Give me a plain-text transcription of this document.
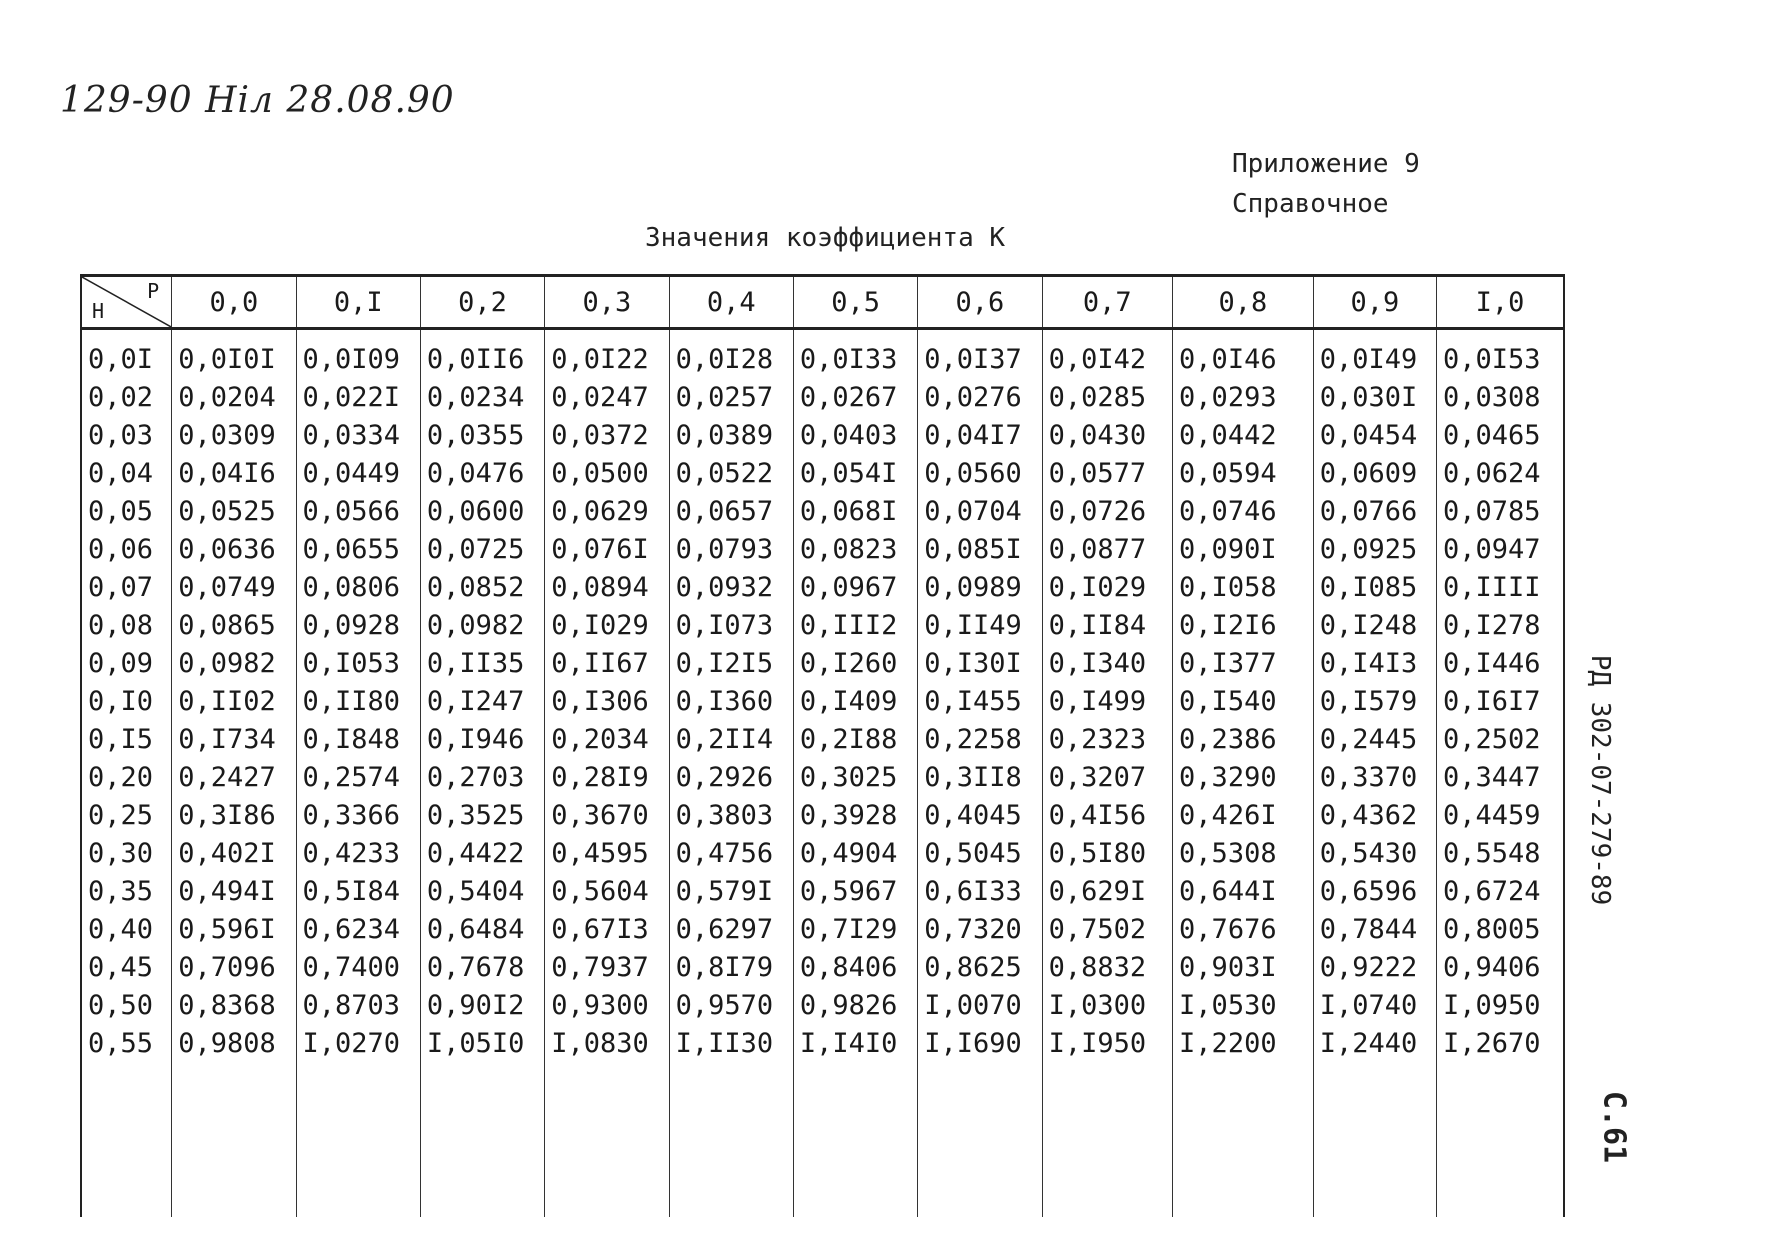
129-90 Ніл 28.08.90
Приложение 9
Справочное
Значения коэффициента К
РД 302-07-279-89
С.61
Н
Р	0,0	0,I	0,2	0,3	0,4	0,5	0,6	0,7	0,8	0,9	I,0

0,0I	0,0I0I	0,0I09	0,0II6	0,0I22	0,0I28	0,0I33	0,0I37	0,0I42	0,0I46	0,0I49	0,0I53
0,02	0,0204	0,022I	0,0234	0,0247	0,0257	0,0267	0,0276	0,0285	0,0293	0,030I	0,0308
0,03	0,0309	0,0334	0,0355	0,0372	0,0389	0,0403	0,04I7	0,0430	0,0442	0,0454	0,0465
0,04	0,04I6	0,0449	0,0476	0,0500	0,0522	0,054I	0,0560	0,0577	0,0594	0,0609	0,0624
0,05	0,0525	0,0566	0,0600	0,0629	0,0657	0,068I	0,0704	0,0726	0,0746	0,0766	0,0785
0,06	0,0636	0,0655	0,0725	0,076I	0,0793	0,0823	0,085I	0,0877	0,090I	0,0925	0,0947
0,07	0,0749	0,0806	0,0852	0,0894	0,0932	0,0967	0,0989	0,I029	0,I058	0,I085	0,IIII
0,08	0,0865	0,0928	0,0982	0,I029	0,I073	0,III2	0,II49	0,II84	0,I2I6	0,I248	0,I278
0,09	0,0982	0,I053	0,II35	0,II67	0,I2I5	0,I260	0,I30I	0,I340	0,I377	0,I4I3	0,I446
0,I0	0,II02	0,II80	0,I247	0,I306	0,I360	0,I409	0,I455	0,I499	0,I540	0,I579	0,I6I7
0,I5	0,I734	0,I848	0,I946	0,2034	0,2II4	0,2I88	0,2258	0,2323	0,2386	0,2445	0,2502
0,20	0,2427	0,2574	0,2703	0,28I9	0,2926	0,3025	0,3II8	0,3207	0,3290	0,3370	0,3447
0,25	0,3I86	0,3366	0,3525	0,3670	0,3803	0,3928	0,4045	0,4I56	0,426I	0,4362	0,4459
0,30	0,402I	0,4233	0,4422	0,4595	0,4756	0,4904	0,5045	0,5I80	0,5308	0,5430	0,5548
0,35	0,494I	0,5I84	0,5404	0,5604	0,579I	0,5967	0,6I33	0,629I	0,644I	0,6596	0,6724
0,40	0,596I	0,6234	0,6484	0,67I3	0,6297	0,7I29	0,7320	0,7502	0,7676	0,7844	0,8005
0,45	0,7096	0,7400	0,7678	0,7937	0,8I79	0,8406	0,8625	0,8832	0,903I	0,9222	0,9406
0,50	0,8368	0,8703	0,90I2	0,9300	0,9570	0,9826	I,0070	I,0300	I,0530	I,0740	I,0950
0,55	0,9808	I,0270	I,05I0	I,0830	I,II30	I,I4I0	I,I690	I,I950	I,2200	I,2440	I,2670
